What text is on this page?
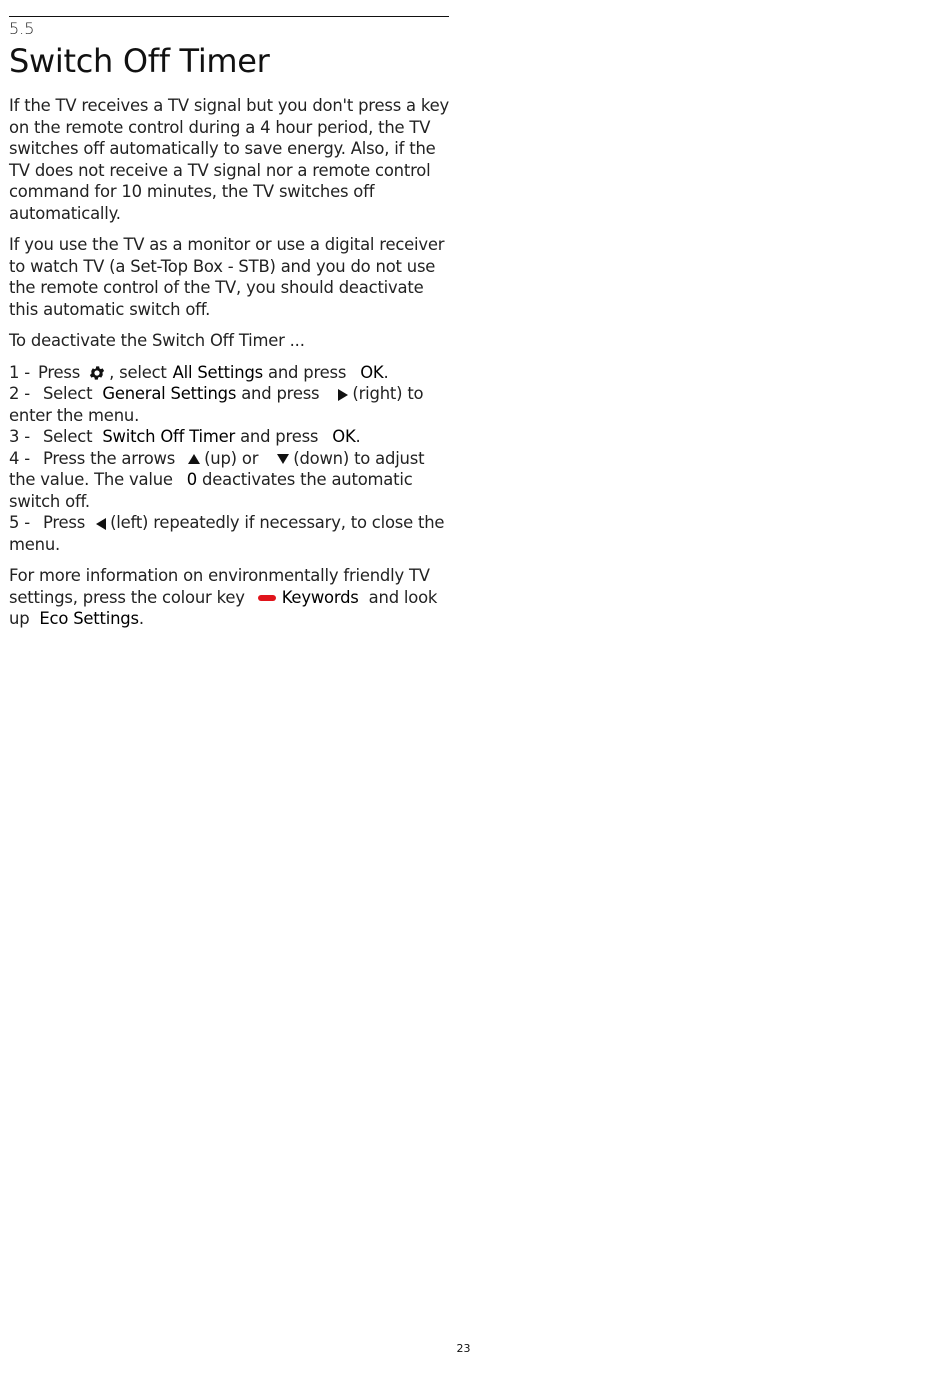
5.5
Switch Off Timer

If the TV receives a TV signal but you don't press a key on the remote control during a 4 hour period, the TV switches off automatically to save energy. Also, if the TV does not receive a TV signal nor a remote control command for 10 minutes, the TV switches off automatically.

If you use the TV as a monitor or use a digital receiver to watch TV (a Set-Top Box - STB) and you do not use the remote control of the TV, you should deactivate this automatic switch off.

To deactivate the Switch Off Timer ...

1 - Press , select All Settings and press OK.
2 - Select General Settings and press (right) to enter the menu.
3 - Select Switch Off Timer and press OK.
4 - Press the arrows (up) or (down) to adjust the value. The value 0 deactivates the automatic switch off.
5 - Press (left) repeatedly if necessary, to close the menu.

For more information on environmentally friendly TV settings, press the colour key Keywords and look up Eco Settings.

23
